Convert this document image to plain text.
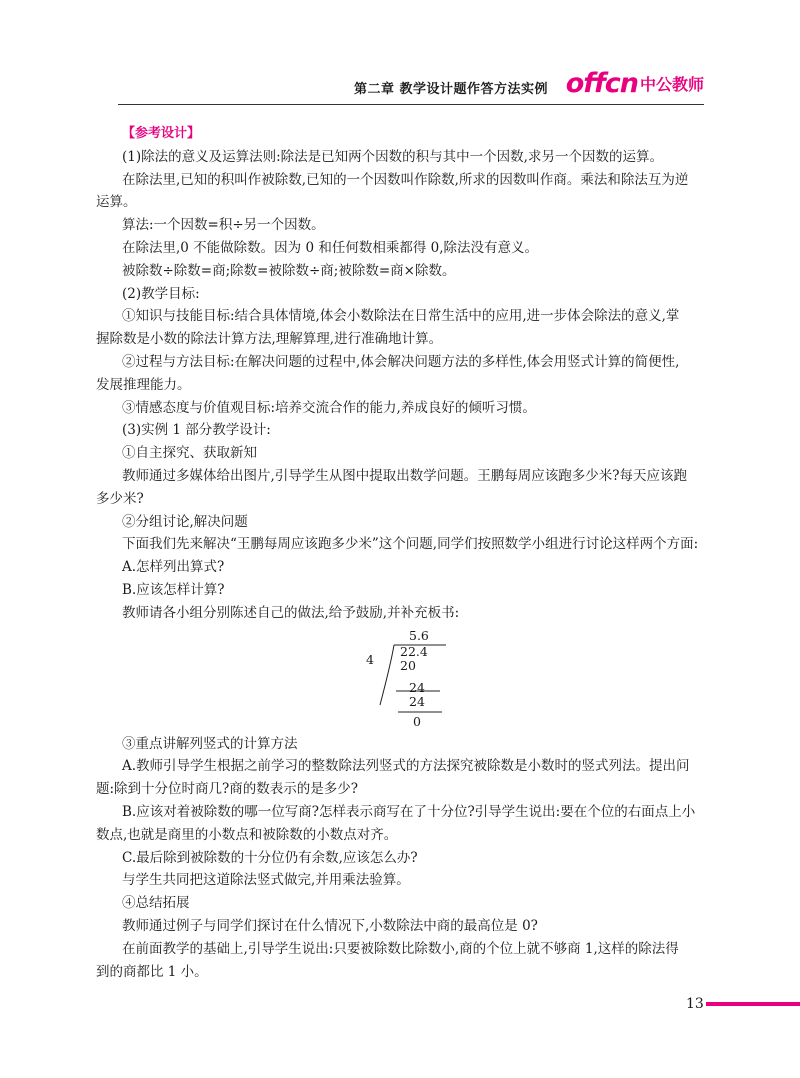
第二章 教学设计题作答方法实例 offcn 中公教师

【参考设计】

(1)除法的意义及运算法则:除法是已知两个因数的积与其中一个因数,求另一个因数的运算。

在除法里,已知的积叫作被除数,已知的一个因数叫作除数,所求的因数叫作商。乘法和除法互为逆

运算。

算法:一个因数=积÷另一个因数。

在除法里,0 不能做除数。因为 0 和任何数相乘都得 0,除法没有意义。

被除数÷除数=商;除数=被除数÷商;被除数=商×除数。

(2)教学目标:

①知识与技能目标:结合具体情境,体会小数除法在日常生活中的应用,进一步体会除法的意义,掌

握除数是小数的除法计算方法,理解算理,进行准确地计算。

②过程与方法目标:在解决问题的过程中,体会解决问题方法的多样性,体会用竖式计算的简便性,

发展推理能力。

③情感态度与价值观目标:培养交流合作的能力,养成良好的倾听习惯。

(3)实例 1 部分教学设计:

①自主探究、获取新知

教师通过多媒体给出图片,引导学生从图中提取出数学问题。王鹏每周应该跑多少米?每天应该跑

多少米?

②分组讨论,解决问题

下面我们先来解决“王鹏每周应该跑多少米”这个问题,同学们按照数学小组进行讨论这样两个方面:

A.怎样列出算式?

B.应该怎样计算?

教师请各小组分别陈述自己的做法,给予鼓励,并补充板书:

5.6
4
22.4
20
24
24
0

③重点讲解列竖式的计算方法

A.教师引导学生根据之前学习的整数除法列竖式的方法探究被除数是小数时的竖式列法。提出问

题:除到十分位时商几?商的数表示的是多少?

B.应该对着被除数的哪一位写商?怎样表示商写在了十分位?引导学生说出:要在个位的右面点上小

数点,也就是商里的小数点和被除数的小数点对齐。

C.最后除到被除数的十分位仍有余数,应该怎么办?

与学生共同把这道除法竖式做完,并用乘法验算。

④总结拓展

教师通过例子与同学们探讨在什么情况下,小数除法中商的最高位是 0?

在前面教学的基础上,引导学生说出:只要被除数比除数小,商的个位上就不够商 1,这样的除法得

到的商都比 1 小。

13
